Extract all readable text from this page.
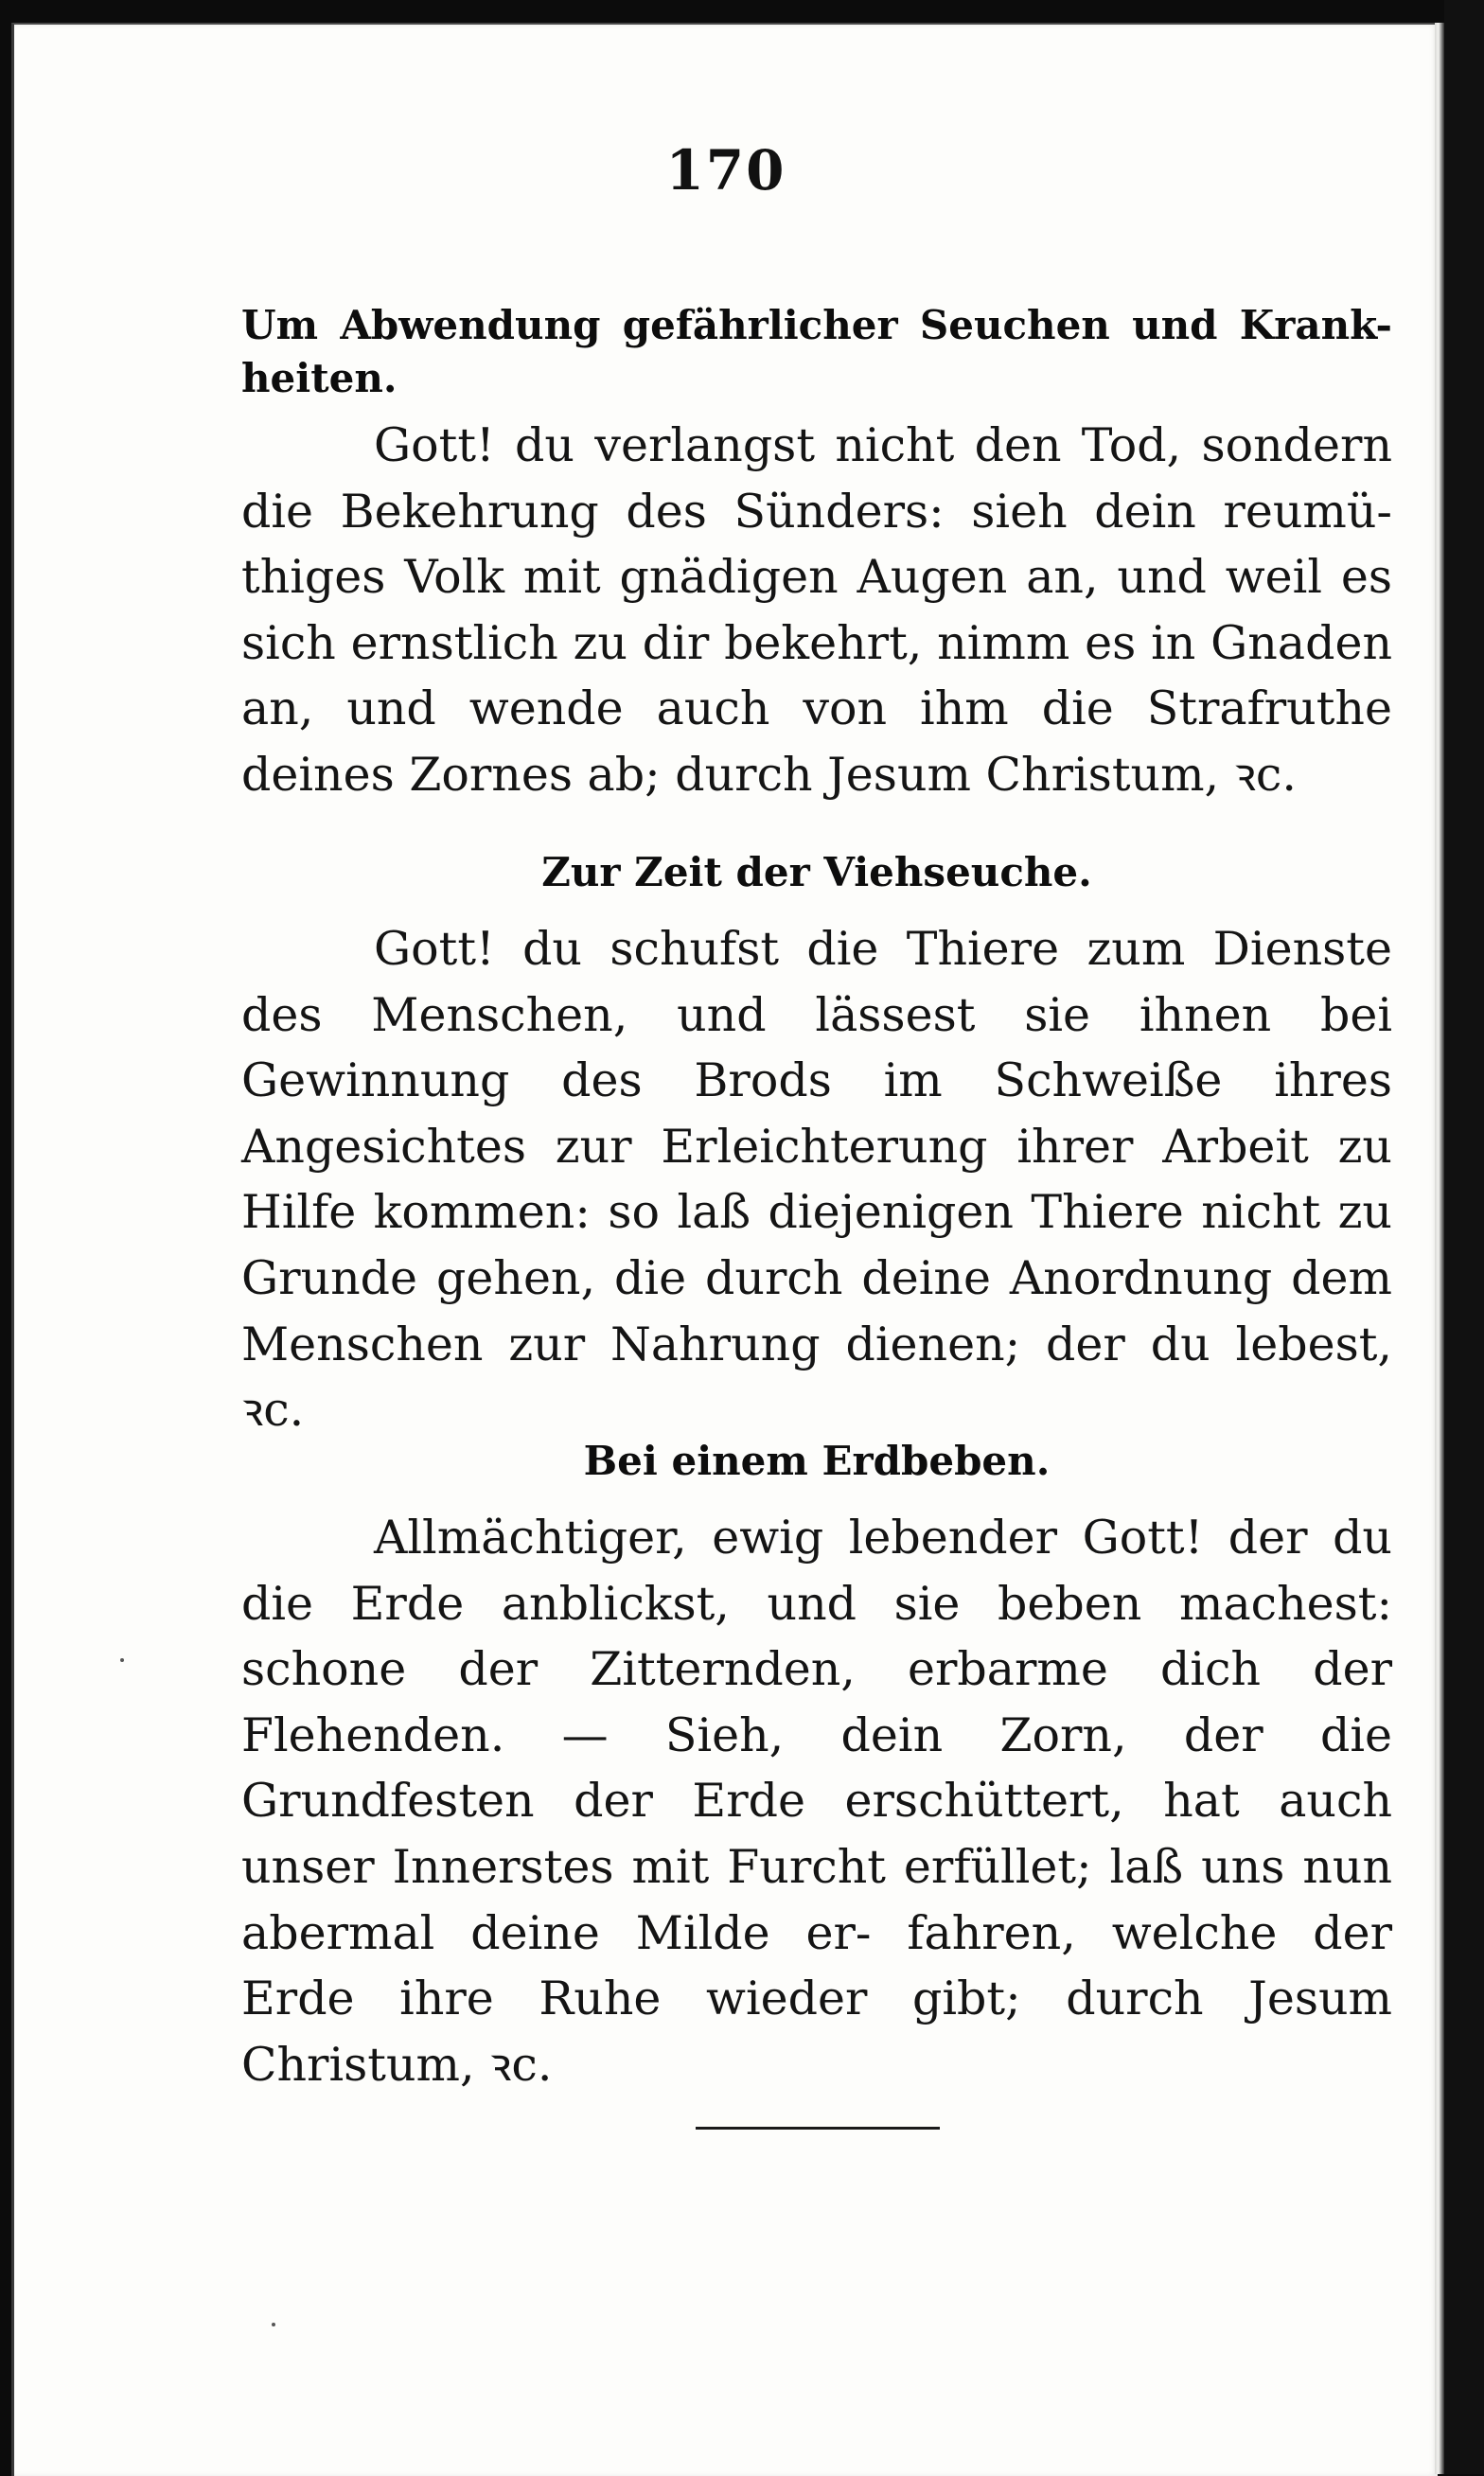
170

Um Abwendung gefährlicher Seuchen und Krank- heiten.

Gott! du verlangst nicht den Tod, sondern die Bekehrung des Sünders: sieh dein reumü- thiges Volk mit gnädigen Augen an, und weil es sich ernstlich zu dir bekehrt, nimm es in Gnaden an, und wende auch von ihm die Strafruthe deines Zornes ab; durch Jesum Christum, ꝛc.

Zur Zeit der Viehseuche.

Gott! du schufst die Thiere zum Dienste des Menschen, und lässest sie ihnen bei Gewinnung des Brods im Schweiße ihres Angesichtes zur Erleichterung ihrer Arbeit zu Hilfe kommen: so laß diejenigen Thiere nicht zu Grunde gehen, die durch deine Anordnung dem Menschen zur Nahrung dienen; der du lebest, ꝛc.

Bei einem Erdbeben.

Allmächtiger, ewig lebender Gott! der du die Erde anblickst, und sie beben machest: schone der Zitternden, erbarme dich der Flehenden. — Sieh, dein Zorn, der die Grundfesten der Erde erschüttert, hat auch unser Innerstes mit Furcht erfüllet; laß uns nun abermal deine Milde er- fahren, welche der Erde ihre Ruhe wieder gibt; durch Jesum Christum, ꝛc.
